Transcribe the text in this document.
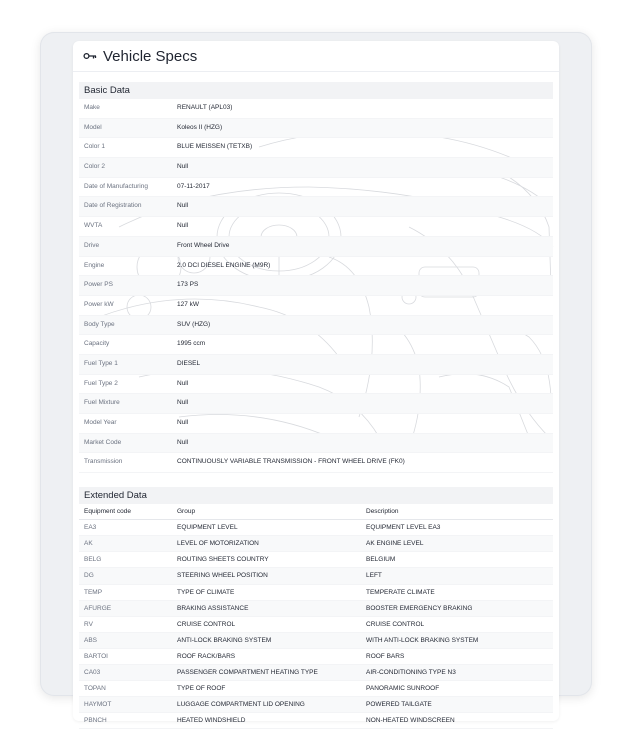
Vehicle Specs
Basic Data
Make	RENAULT (APL03)
Model	Koleos II (HZG)
Color 1	BLUE MEISSEN (TETXB)
Color 2	Null
Date of Manufacturing	07-11-2017
Date of Registration	Null
WVTA	Null
Drive	Front Wheel Drive
Engine	2.0 DCI DIESEL ENGINE (M9R)
Power PS	173 PS
Power kW	127 kW
Body Type	SUV (HZG)
Capacity	1995 ccm
Fuel Type 1	DIESEL
Fuel Type 2	Null
Fuel Mixture	Null
Model Year	Null
Market Code	Null
Transmission	CONTINUOUSLY VARIABLE TRANSMISSION - FRONT WHEEL DRIVE (FK0)
Extended Data
Equipment code	Group	Description
EA3	EQUIPMENT LEVEL	EQUIPMENT LEVEL EA3
AK	LEVEL OF MOTORIZATION	AK ENGINE LEVEL
BELG	ROUTING SHEETS COUNTRY	BELGIUM
DG	STEERING WHEEL POSITION	LEFT
TEMP	TYPE OF CLIMATE	TEMPERATE CLIMATE
AFURGE	BRAKING ASSISTANCE	BOOSTER EMERGENCY BRAKING
RV	CRUISE CONTROL	CRUISE CONTROL
ABS	ANTI-LOCK BRAKING SYSTEM	WITH ANTI-LOCK BRAKING SYSTEM
BARTOI	ROOF RACK/BARS	ROOF BARS
CA03	PASSENGER COMPARTMENT HEATING TYPE	AIR-CONDITIONING TYPE N3
TOPAN	TYPE OF ROOF	PANORAMIC SUNROOF
HAYMOT	LUGGAGE COMPARTMENT LID OPENING	POWERED TAILGATE
PBNCH	HEATED WINDSHIELD	NON-HEATED WINDSCREEN
